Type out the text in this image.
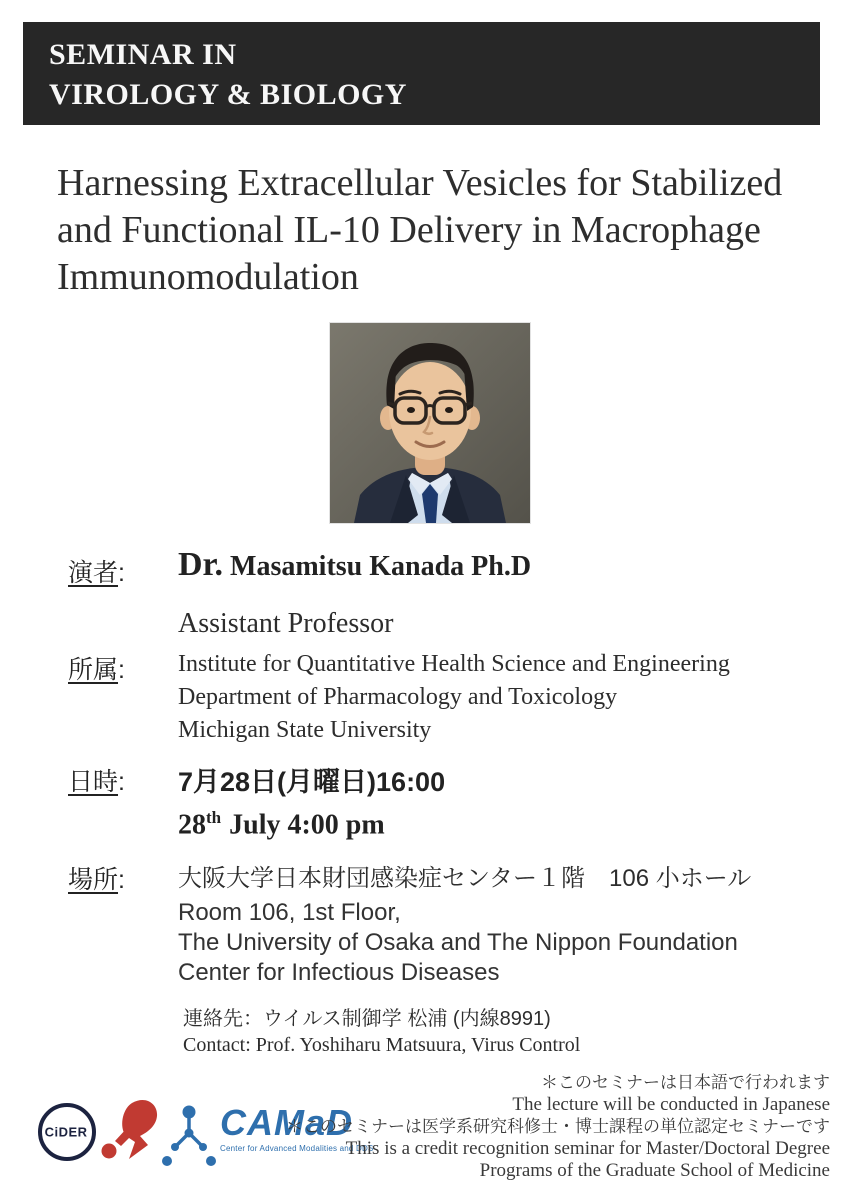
SEMINAR IN
VIROLOGY & BIOLOGY
Harnessing Extracellular Vesicles for Stabilized
and Functional IL-10 Delivery in Macrophage
Immunomodulation
演者: Dr. Masamitsu Kanada Ph.D
Assistant Professor
所属: Institute for Quantitative Health Science and Engineering
Department of Pharmacology and Toxicology
Michigan State University
日時: 7月28日(月曜日)16:00
28th July 4:00 pm
場所: 大阪大学日本財団感染症センター１階　106 小ホール
Room 106, 1st Floor,
The University of Osaka and The Nippon Foundation
Center for Infectious Diseases
連絡先：ウイルス制御学 松浦 (内線8991)
Contact: Prof. Yoshiharu Matsuura, Virus Control
CiDER	CAMaD
Center for Advanced Modalities and DDS
＊このセミナーは日本語で行われます
The lecture will be conducted in Japanese
＊このセミナーは医学系研究科修士・博士課程の単位認定セミナーです
This is a credit recognition seminar for Master/Doctoral Degree
Programs of the Graduate School of Medicine
